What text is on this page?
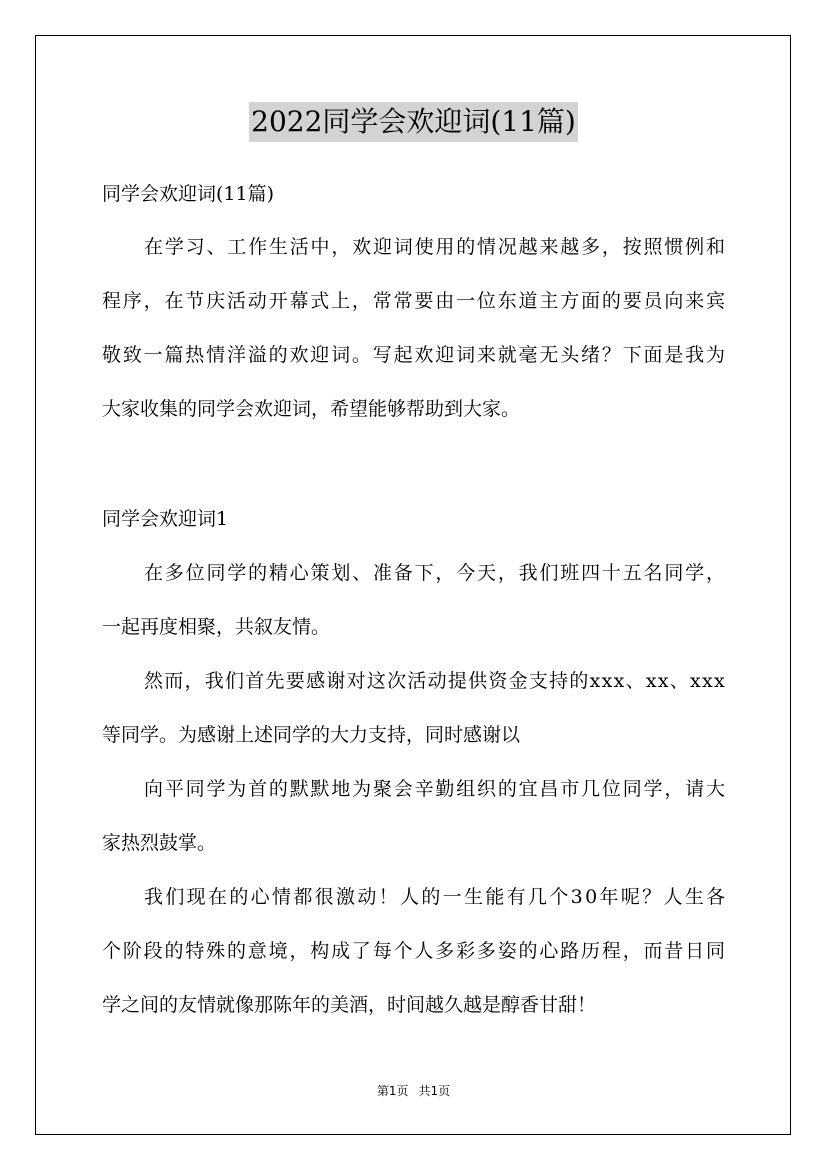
2022同学会欢迎词(11篇)
同学会欢迎词(11篇)
在学习、工作生活中，欢迎词使用的情况越来越多，按照惯例和
程序，在节庆活动开幕式上，常常要由一位东道主方面的要员向来宾
敬致一篇热情洋溢的欢迎词。写起欢迎词来就毫无头绪？下面是我为
大家收集的同学会欢迎词，希望能够帮助到大家。
同学会欢迎词1
在多位同学的精心策划、准备下，今天，我们班四十五名同学，
一起再度相聚，共叙友情。
然而，我们首先要感谢对这次活动提供资金支持的xxx、xx、xxx
等同学。为感谢上述同学的大力支持，同时感谢以
向平同学为首的默默地为聚会辛勤组织的宜昌市几位同学，请大
家热烈鼓掌。
我们现在的心情都很激动！人的一生能有几个30年呢？人生各
个阶段的特殊的意境，构成了每个人多彩多姿的心路历程，而昔日同
学之间的友情就像那陈年的美酒，时间越久越是醇香甘甜！
第1页 共1页
